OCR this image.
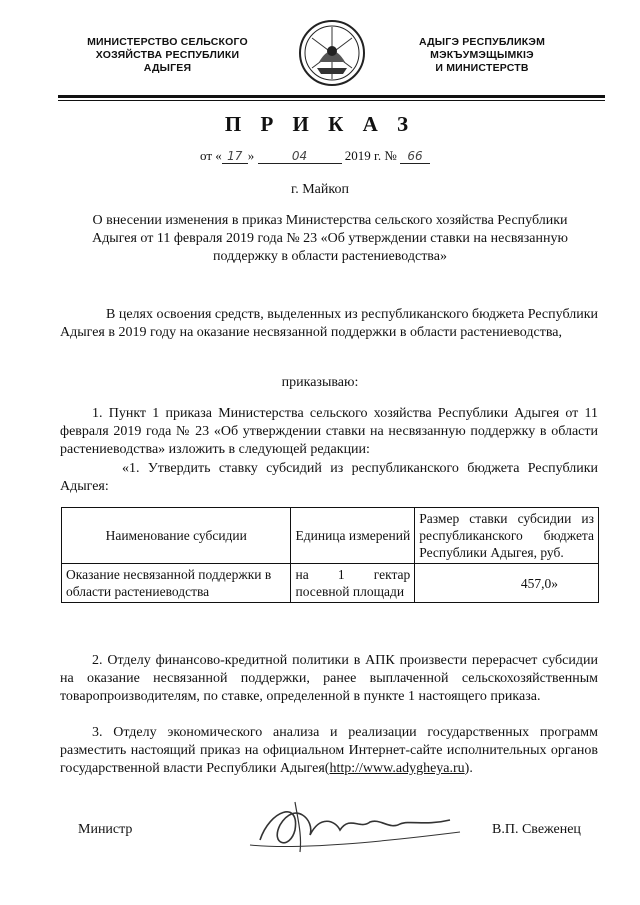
МИНИСТЕРСТВО СЕЛЬСКОГО
ХОЗЯЙСТВА РЕСПУБЛИКИ
АДЫГЕЯ
АДЫГЭ РЕСПУБЛИКЭМ
МЭКЪУМЭЩЫМКIЭ
И МИНИСТЕРСТВ
П Р И К А З
от « 17 »	04	2019 г. № 66
г. Майкоп
О внесении изменения в приказ Министерства сельского хозяйства Республики Адыгея от 11 февраля 2019 года № 23 «Об утверждении ставки на несвязанную поддержку в области растениеводства»
В целях освоения средств, выделенных из республиканского бюджета Республики Адыгея в 2019 году на оказание несвязанной поддержки в области растениеводства,
приказываю:
1. Пункт 1 приказа Министерства сельского хозяйства Республики Адыгея от 11 февраля 2019 года № 23 «Об утверждении ставки на несвязанную поддержку в области растениеводства» изложить в следующей редакции:
«1. Утвердить ставку субсидий из республиканского бюджета Республики Адыгея:
Наименование субсидии	Единица измерений	Размер ставки субсидии из республиканского бюджета Республики Адыгея, руб.
Оказание несвязанной поддержки в области растениеводства	на 1 гектар посевной площади	457,0»
2. Отделу финансово-кредитной политики в АПК произвести перерасчет субсидии на оказание несвязанной поддержки, ранее выплаченной сельскохозяйственным товаропроизводителям, по ставке, определенной в пункте 1 настоящего приказа.
3. Отделу экономического анализа и реализации государственных программ разместить настоящий приказ на официальном Интернет-сайте исполнительных органов государственной власти Республики Адыгея(http://www.adygheya.ru).
Министр	В.П. Свеженец
